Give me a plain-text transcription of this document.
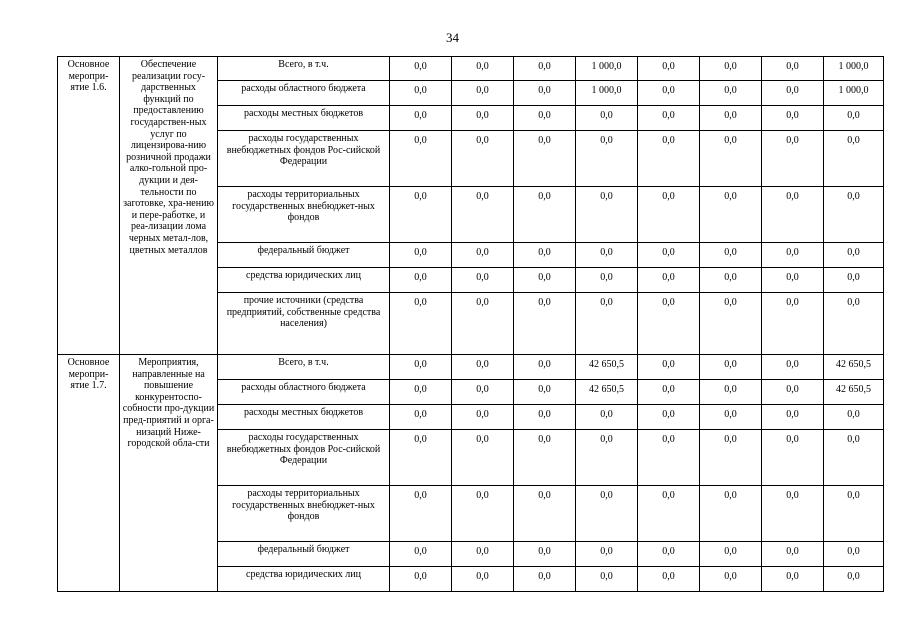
34
Основное меропри-ятие 1.6.	Обеспечение реализации госу-дарственных функций по предоставлению государствен-ных услуг по лицензирова-нию розничной продажи алко-гольной про-дукции и дея-тельности по заготовке, хра-нению и пере-работке, и реа-лизации лома черных метал-лов, цветных металлов	Всего, в т.ч.	0,0	0,0	0,0	1 000,0	0,0	0,0	0,0	1 000,0
		расходы областного бюджета	0,0	0,0	0,0	1 000,0	0,0	0,0	0,0	1 000,0
		расходы местных бюджетов	0,0	0,0	0,0	0,0	0,0	0,0	0,0	0,0
		расходы государственных внебюджетных фондов Рос-сийской Федерации	0,0	0,0	0,0	0,0	0,0	0,0	0,0	0,0
		расходы территориальных государственных внебюджет-ных фондов	0,0	0,0	0,0	0,0	0,0	0,0	0,0	0,0
		федеральный бюджет	0,0	0,0	0,0	0,0	0,0	0,0	0,0	0,0
		средства юридических лиц	0,0	0,0	0,0	0,0	0,0	0,0	0,0	0,0
		прочие источники (средства предприятий, собственные средства населения)	0,0	0,0	0,0	0,0	0,0	0,0	0,0	0,0
Основное меропри-ятие 1.7.	Мероприятия, направленные на повышение конкурентоспо-собности про-дукции пред-приятий и орга-низаций Ниже-городской обла-сти	Всего, в т.ч.	0,0	0,0	0,0	42 650,5	0,0	0,0	0,0	42 650,5
		расходы областного бюджета	0,0	0,0	0,0	42 650,5	0,0	0,0	0,0	42 650,5
		расходы местных бюджетов	0,0	0,0	0,0	0,0	0,0	0,0	0,0	0,0
		расходы государственных внебюджетных фондов Рос-сийской Федерации	0,0	0,0	0,0	0,0	0,0	0,0	0,0	0,0
		расходы территориальных государственных внебюджет-ных фондов	0,0	0,0	0,0	0,0	0,0	0,0	0,0	0,0
		федеральный бюджет	0,0	0,0	0,0	0,0	0,0	0,0	0,0	0,0
		средства юридических лиц	0,0	0,0	0,0	0,0	0,0	0,0	0,0	0,0
